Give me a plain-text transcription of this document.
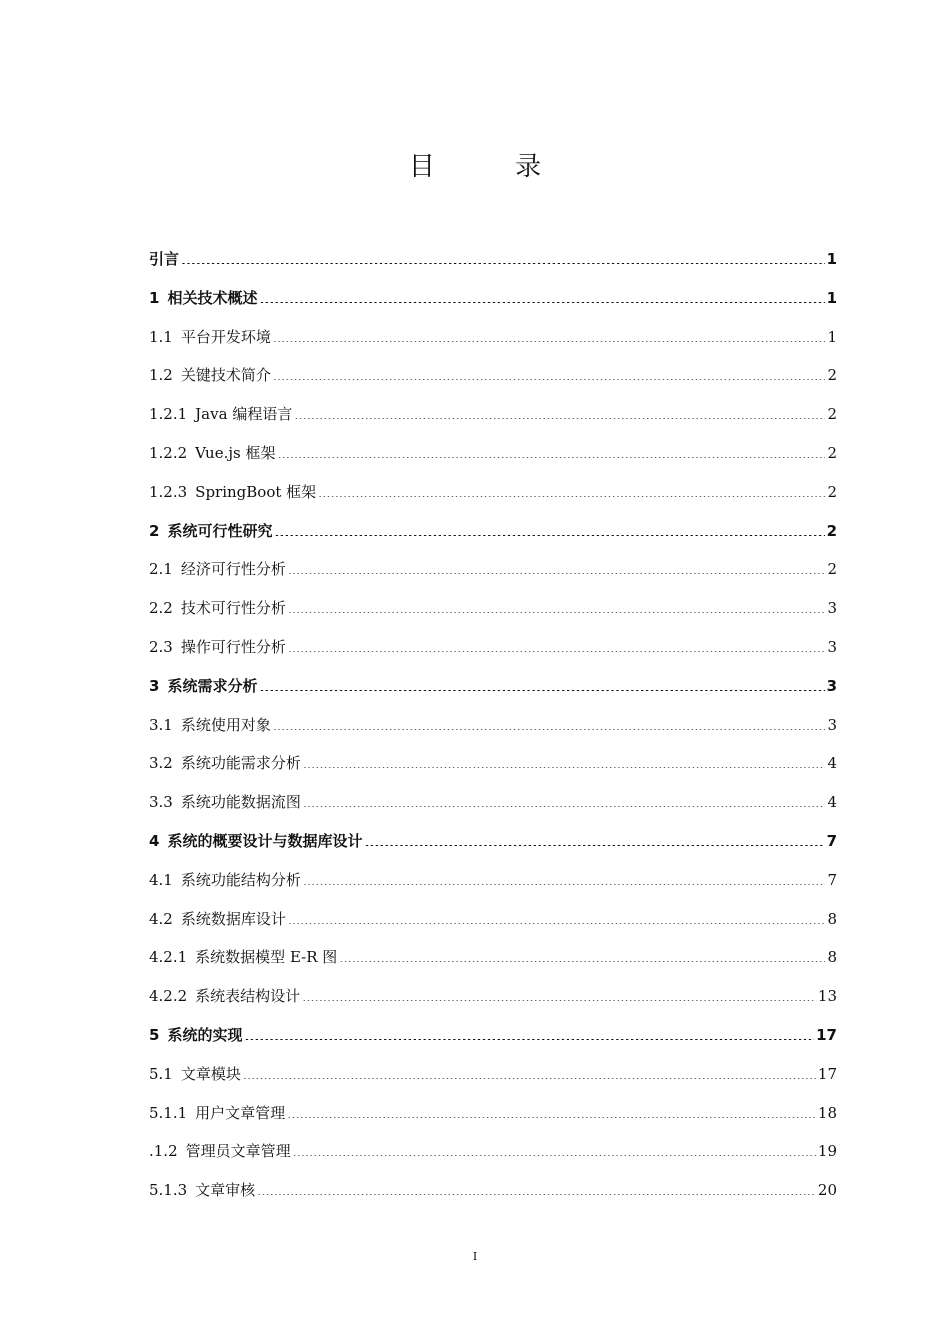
目 录
引言 .....	1
1 相关技术概述 .....	1
1.1 平台开发环境 .....	1
1.2 关键技术简介 .....	2
1.2.1 Java 编程语言 .....	2
1.2.2 Vue.js 框架 .....	2
1.2.3 SpringBoot 框架 .....	2
2 系统可行性研究 .....	2
2.1 经济可行性分析 .....	2
2.2 技术可行性分析 .....	3
2.3 操作可行性分析 .....	3
3 系统需求分析 .....	3
3.1 系统使用对象 .....	3
3.2 系统功能需求分析 .....	4
3.3 系统功能数据流图 .....	4
4 系统的概要设计与数据库设计 .....	7
4.1 系统功能结构分析 .....	7
4.2 系统数据库设计 .....	8
4.2.1 系统数据模型 E-R 图 .....	8
4.2.2 系统表结构设计 .....	13
5 系统的实现 .....	17
5.1 文章模块 .....	17
5.1.1 用户文章管理 .....	18
.1.2 管理员文章管理 .....	19
5.1.3 文章审核 .....	20
I
